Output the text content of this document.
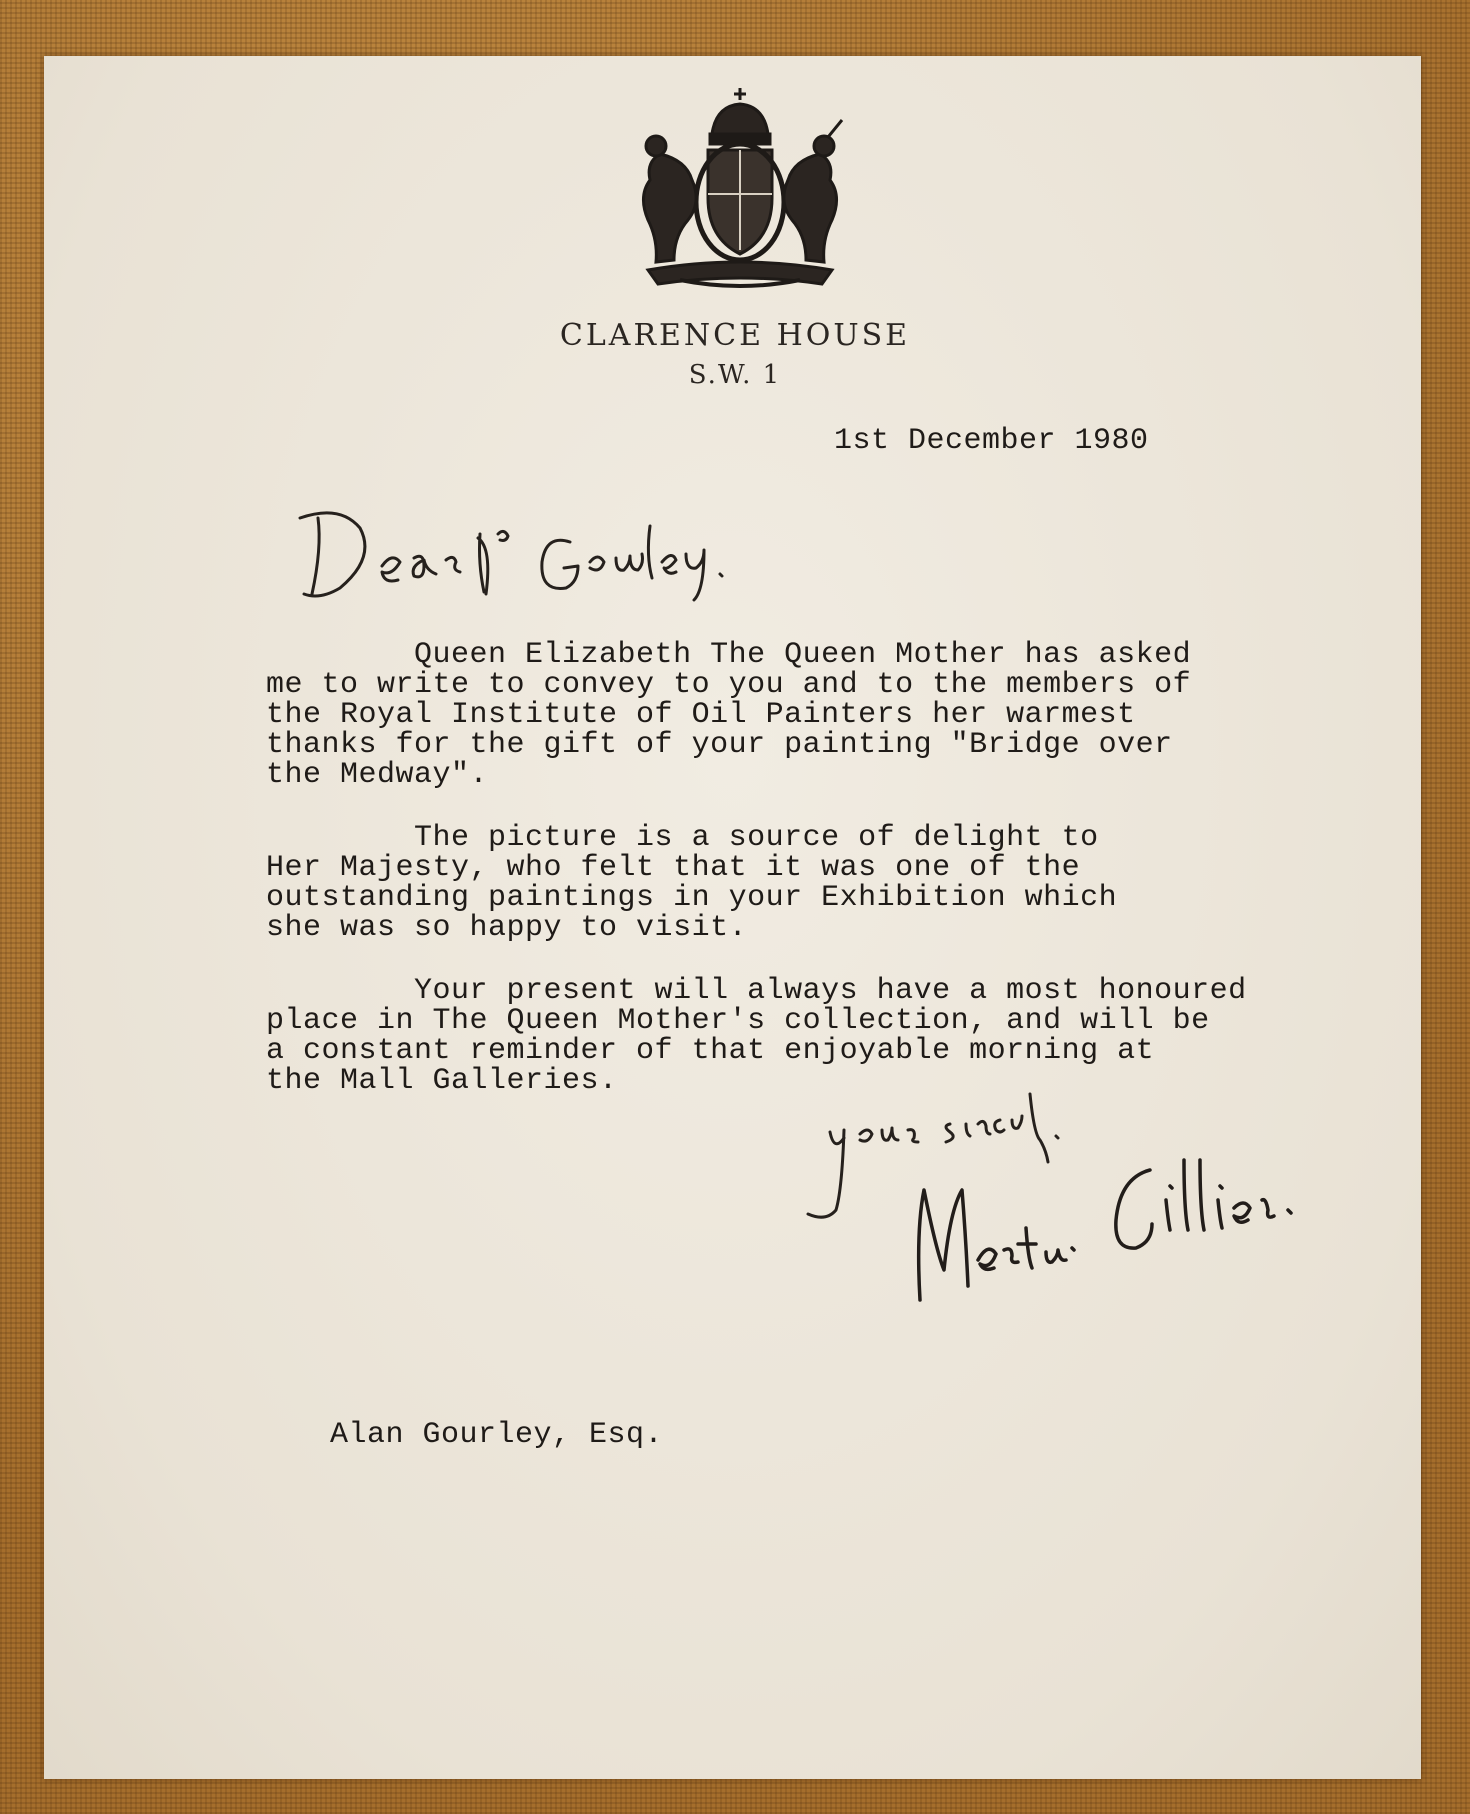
CLARENCE HOUSE
S.W. 1
1st December 1980
Queen Elizabeth The Queen Mother has asked
me to write to convey to you and to the members of
the Royal Institute of Oil Painters her warmest
thanks for the gift of your painting "Bridge over
the Medway".
The picture is a source of delight to
Her Majesty, who felt that it was one of the
outstanding paintings in your Exhibition which
she was so happy to visit.
Your present will always have a most honoured
place in The Queen Mother's collection, and will be
a constant reminder of that enjoyable morning at
the Mall Galleries.
Alan Gourley, Esq.
